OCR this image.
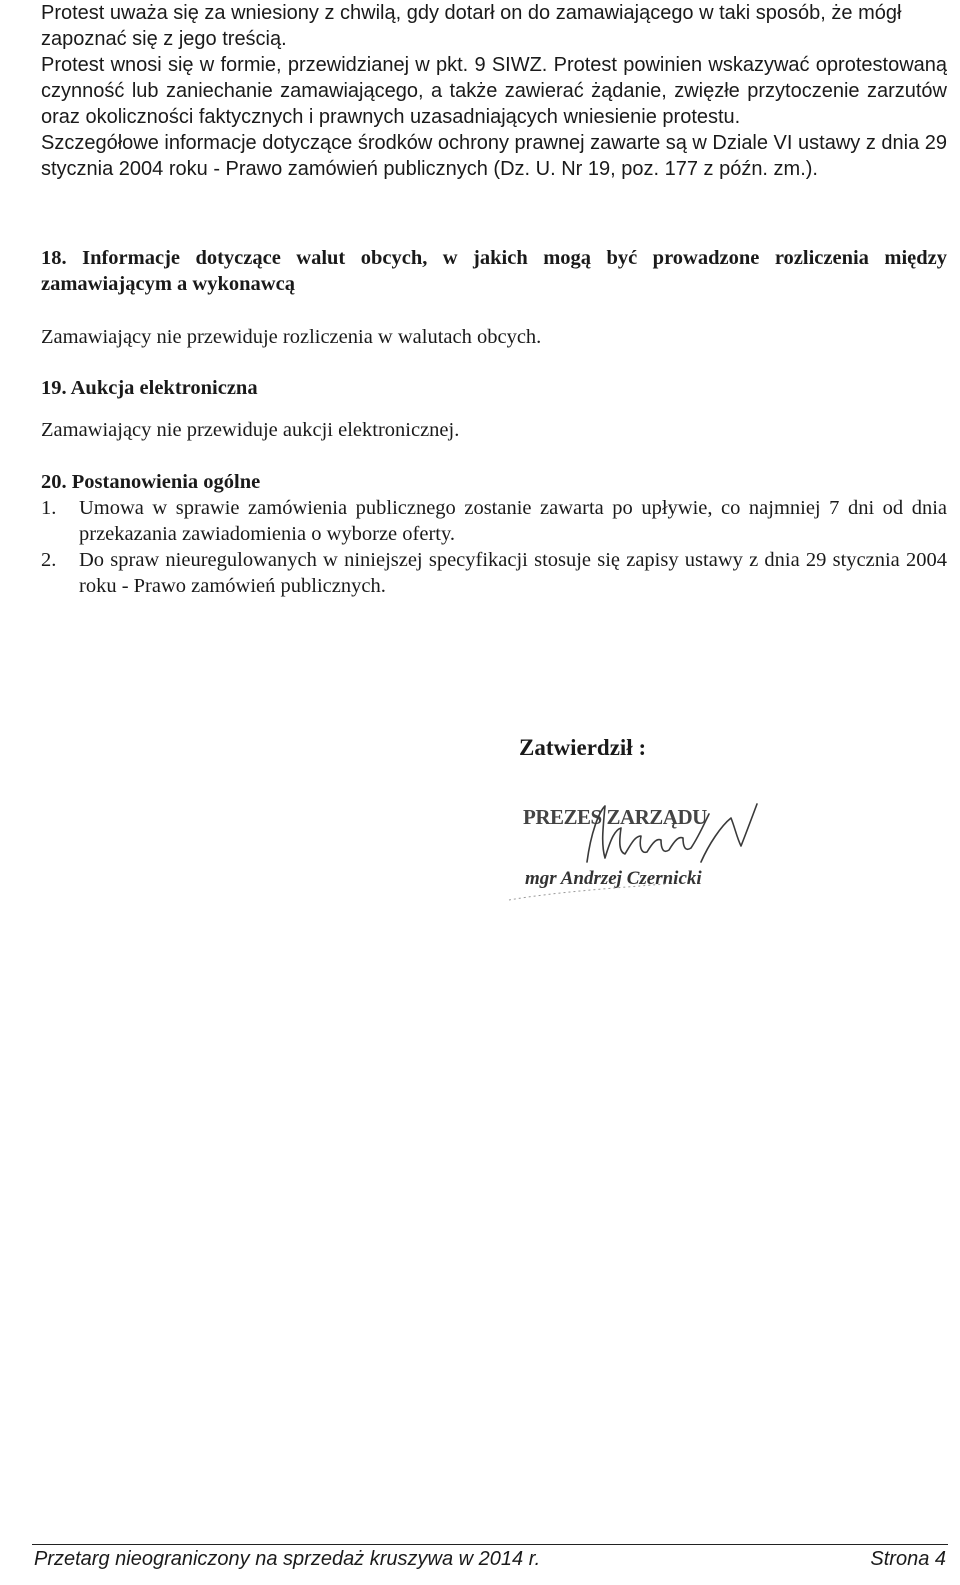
Protest uważa się za wniesiony z chwilą, gdy dotarł on do zamawiającego w taki sposób, że mógł

zapoznać się z jego treścią.

Protest wnosi się w formie, przewidzianej w pkt. 9 SIWZ. Protest powinien wskazywać oprotestowaną czynność lub zaniechanie zamawiającego, a także zawierać żądanie, zwięzłe przytoczenie zarzutów oraz okoliczności faktycznych i prawnych uzasadniających wniesienie protestu.

Szczegółowe informacje dotyczące środków ochrony prawnej zawarte są w Dziale VI ustawy z dnia 29 stycznia 2004 roku - Prawo zamówień publicznych (Dz. U. Nr 19, poz. 177 z późn. zm.).

18. Informacje dotyczące walut obcych, w jakich mogą być prowadzone rozliczenia między zamawiającym a wykonawcą

Zamawiający nie przewiduje rozliczenia w walutach obcych.

19. Aukcja elektroniczna

Zamawiający nie przewiduje aukcji elektronicznej.

20. Postanowienia ogólne

1. Umowa w sprawie zamówienia publicznego zostanie zawarta po upływie, co najmniej 7 dni od dnia przekazania zawiadomienia o wyborze oferty.
2. Do spraw nieuregulowanych w niniejszej specyfikacji stosuje się zapisy ustawy z dnia 29 stycznia 2004 roku - Prawo zamówień publicznych.
Zatwierdził :
PREZES ZARZĄDU
mgr Andrzej Czernicki
Przetarg nieograniczony na sprzedaż kruszywa w 2014 r.	Strona 4
